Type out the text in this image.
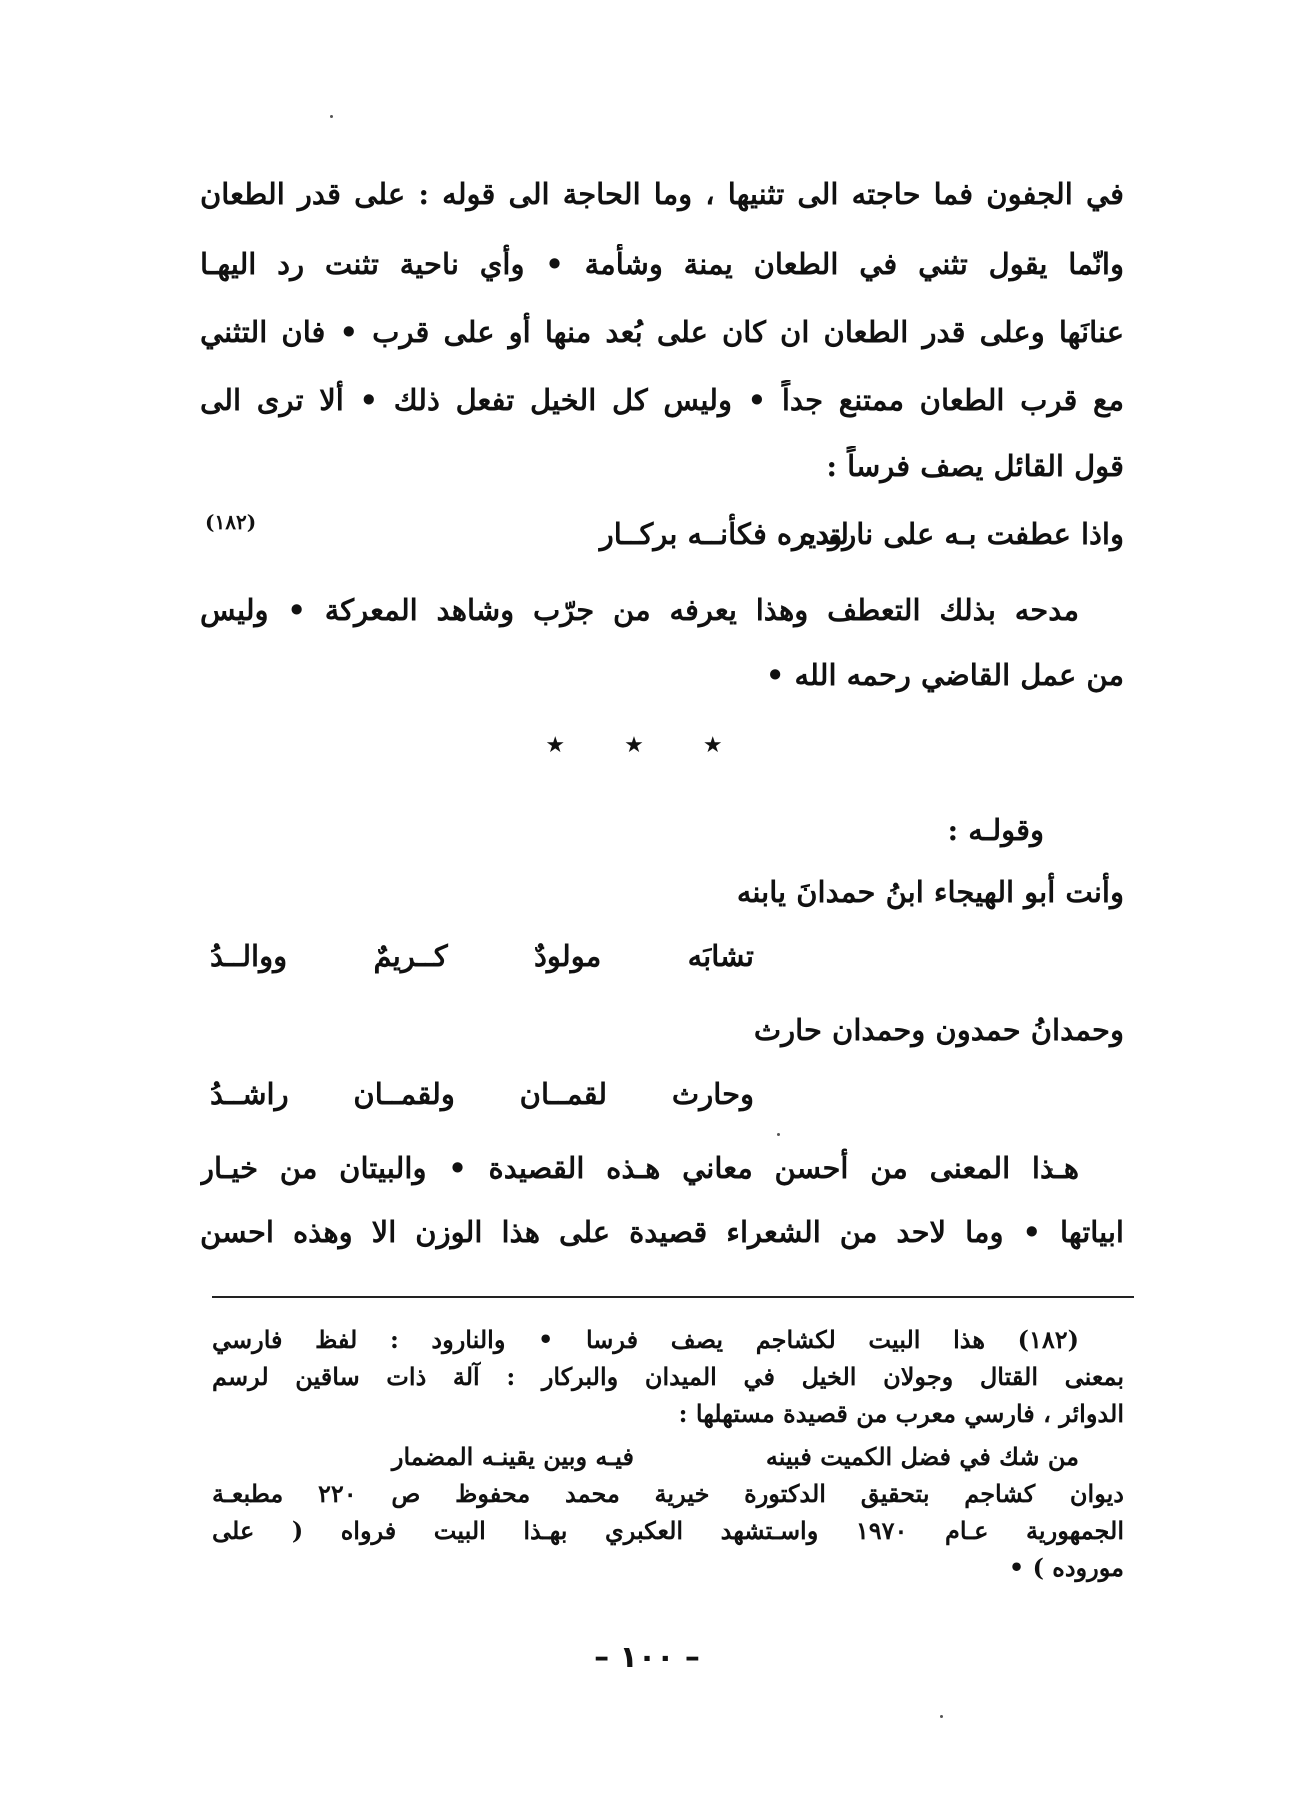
في الجفون فما حاجته الى تثنيها ، وما الحاجة الى قوله : على قدر الطعان
وانّما يقول تثني في الطعان يمنة وشأمة • وأي ناحية تثنت رد اليهـا
عنانَها وعلى قدر الطعان ان كان على بُعد منها أو على قرب • فان التثني
مع قرب الطعان ممتنع جداً • وليس كل الخيل تفعل ذلك • ألا ترى الى
قول القائل يصف فرساً :
واذا عطفت بـه على ناروده
لتديره فكأنــه بركــار
(١٨٢)
مدحه بذلك التعطف وهذا يعرفه من جرّب وشاهد المعركة • وليس
من عمل القاضي رحمه الله •
★ ★ ★
وقولـه :
وأنت أبو الهيجاء ابنُ حمدانَ يابنه
تشابَه مولودٌ كــريمٌ ووالــدُ
وحمدانُ حمدون وحمدان حارث
وحارث لقمــان ولقمــان راشــدُ
هـذا المعنى من أحسن معاني هـذه القصيدة • والبيتان من خيـار
ابياتها • وما لاحد من الشعراء قصيدة على هذا الوزن الا وهذه احسن
(١٨٢) هذا البيت لكشاجم يصف فرسا • والنارود : لفظ فارسي
بمعنى القتال وجولان الخيل في الميدان والبركار : آلة ذات ساقين لرسم
الدوائر ، فارسي معرب من قصيدة مستهلها :
من شك في فضل الكميت فبينه
فيـه وبين يقينـه المضمار
ديوان كشاجم بتحقيق الدكتورة خيرية محمد محفوظ ص ٢٢٠ مطبعـة
الجمهورية عـام ١٩٧٠ واسـتشهد العكبري بهـذا البيت فرواه ( على
موروده ) •
– ١٠٠ –
